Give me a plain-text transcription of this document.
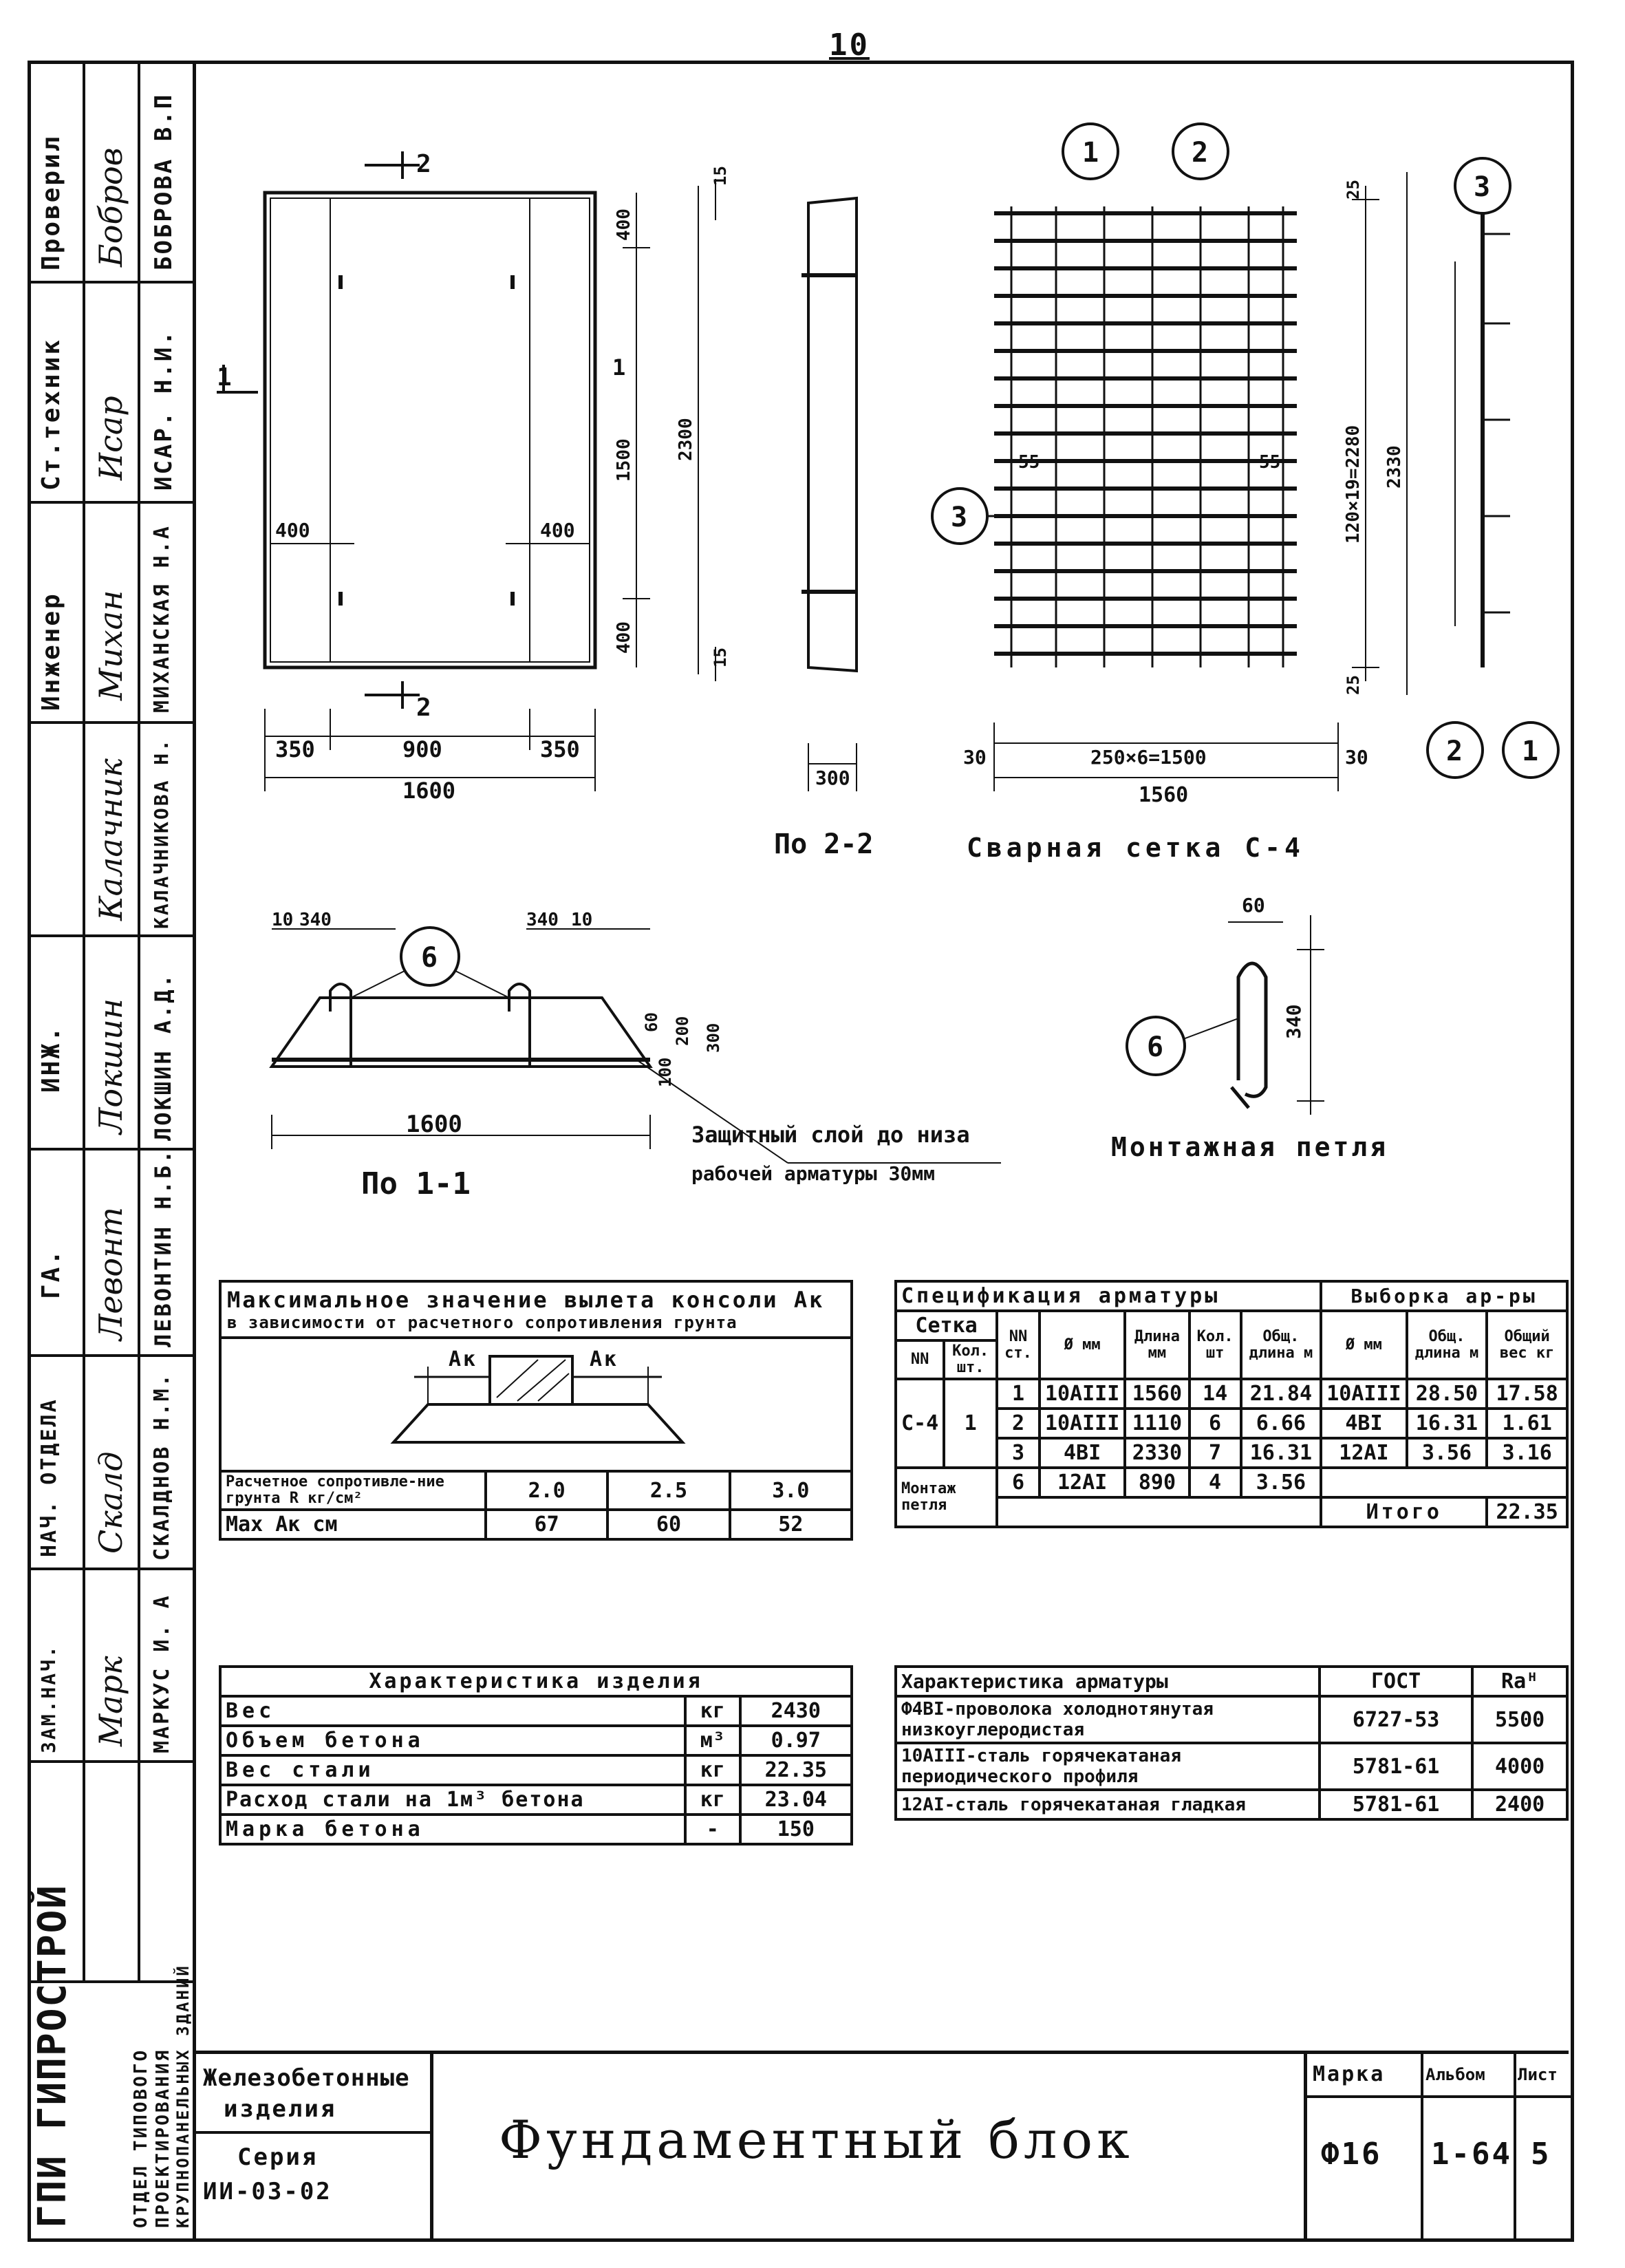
10
Проверил Бобров БОБРОВА В.П
Ст.техник Исар ИСАР. Н.И.
Инженер Михан МИХАНСКАЯ Н.А
Калачник КАЛАЧНИКОВА Н.
ИНЖ. Локшин ЛОКШИН А.Д.
ГА. Левонт ЛЕВОНТИН Н.Б.
НАЧ. ОТДЕЛА Скалд СКАЛДНОВ Н.М.
ЗАМ.НАЧ. Марк МАРКУС И. А
ГПИ ГИПРОСТРОЙ	ОТДЕЛ ТИПОВОГО ПРОЕКТИРОВАНИЯ КРУПНОПАНЕЛЬНЫХ ЗДАНИЙ
2
2
1
400	400
350	900	350
1600
400
1500
400
2300
15
15
1
300
По 2-2
1	2
3
55	55
25
25
120×19=2280 2330
30	250×6=1500	30
1560
Сварная сетка С-4
3
2 1
10 340	340 10
6
60 200 300
100
1600
По 1-1
Защитный слой до низа
рабочей арматуры 30мм
60
340
6
Монтажная петля
Максимальное значение вылета консоли Ак
в зависимости от расчетного сопротивления грунта
Ак	Ак
Расчетное сопротивле-ние грунта R кг/см²	2.0	2.5	3.0
Max Ак см	67	60	52
Спецификация арматуры							Выборка ар-ры		
Сетка		NN ст.	Ø мм	Длина мм	Кол. шт	Общ. длина м	Ø мм	Общ. длина м	Общий вес кг
NN	Кол. шт.								
С-4	1	1	10AIII	1560	14	21.84	10AIII	28.50	17.58
		2	10AIII	1110	6	6.66	4BI	16.31	1.61
		3	4BI	2330	7	16.31	12AI	3.56	3.16
Монтаж петля		6	12AI	890	4	3.56			
							Итого		22.35
Характеристика изделия		
Вес	кг	2430
Объем бетона	м³	0.97
Вес стали	кг	22.35
Расход стали на 1м³ бетона	кг	23.04
Марка бетона	-	150
Характеристика арматуры	ГОСТ	Rаᴴ
Ф4BI-проволока холоднотянутая низкоуглеродистая	6727-53	5500
10AIII-сталь горячекатаная периодического профиля	5781-61	4000
12AI-сталь горячекатаная гладкая	5781-61	2400
Железобетонные
изделия
Серия
ИИ-03-02
Фундаментный блок
Марка
Ф16
Альбом
1-64
Лист
5
